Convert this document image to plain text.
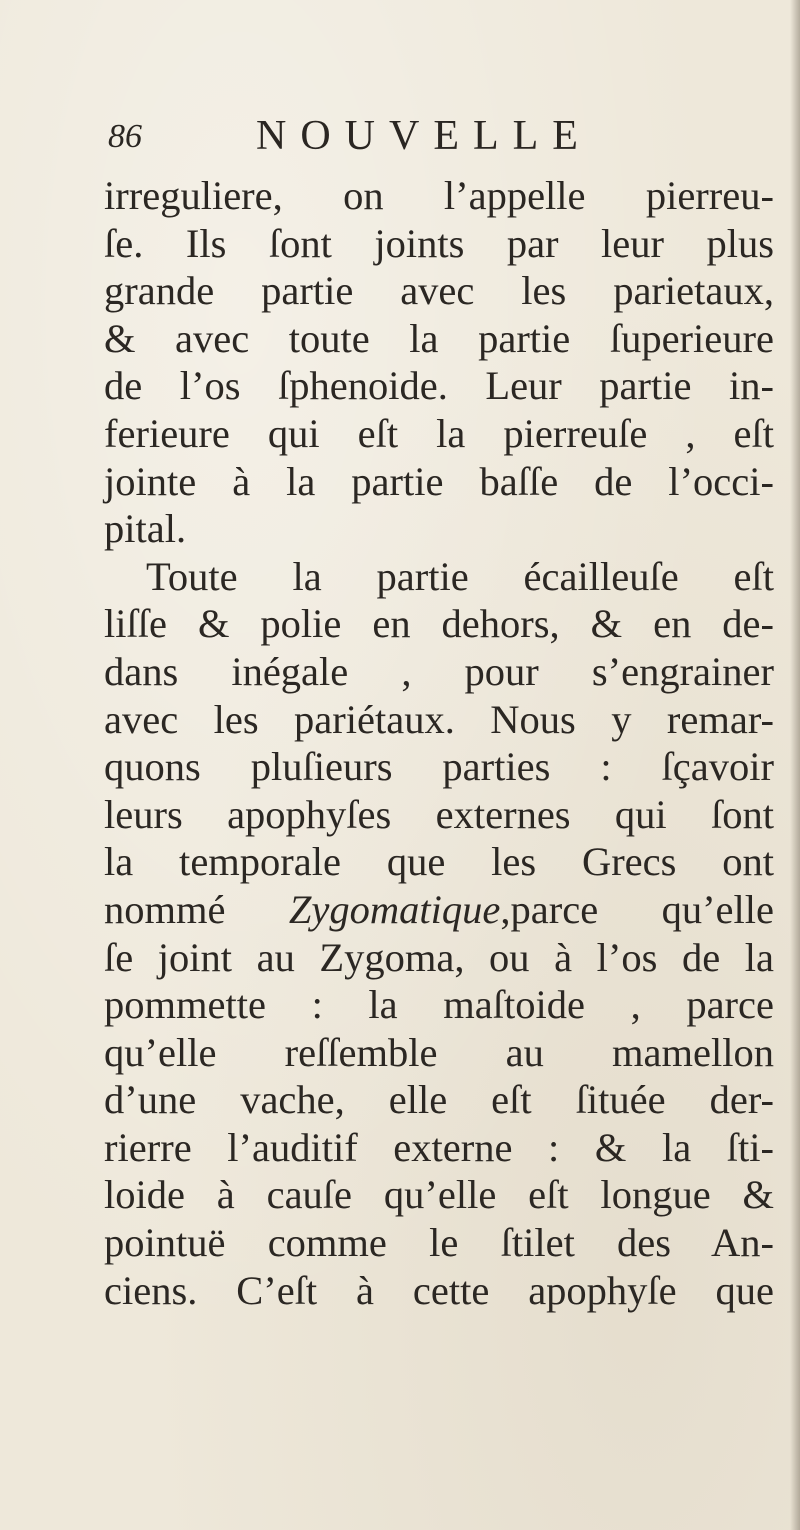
86	NOUVELLE
irreguliere, on l’appelle pierreu-
ſe. Ils ſont joints par leur plus
grande partie avec les parietaux,
& avec toute la partie ſuperieure
de l’os ſphenoide. Leur partie in-
ferieure qui eſt la pierreuſe , eſt
jointe à la partie baſſe de l’occi-
pital.
Toute la partie écailleuſe eſt
liſſe & polie en dehors, & en de-
dans inégale , pour s’engrainer
avec les pariétaux. Nous y remar-
quons pluſieurs parties : ſçavoir
leurs apophyſes externes qui ſont
la temporale que les Grecs ont
nommé Zygomatique,parce qu’elle
ſe joint au Zygoma, ou à l’os de la
pommette : la maſtoide , parce
qu’elle reſſemble au mamellon
d’une vache, elle eſt ſituée der-
rierre l’auditif externe : & la ſti-
loide à cauſe qu’elle eſt longue &
pointuë comme le ſtilet des An-
ciens. C’eſt à cette apophyſe que
